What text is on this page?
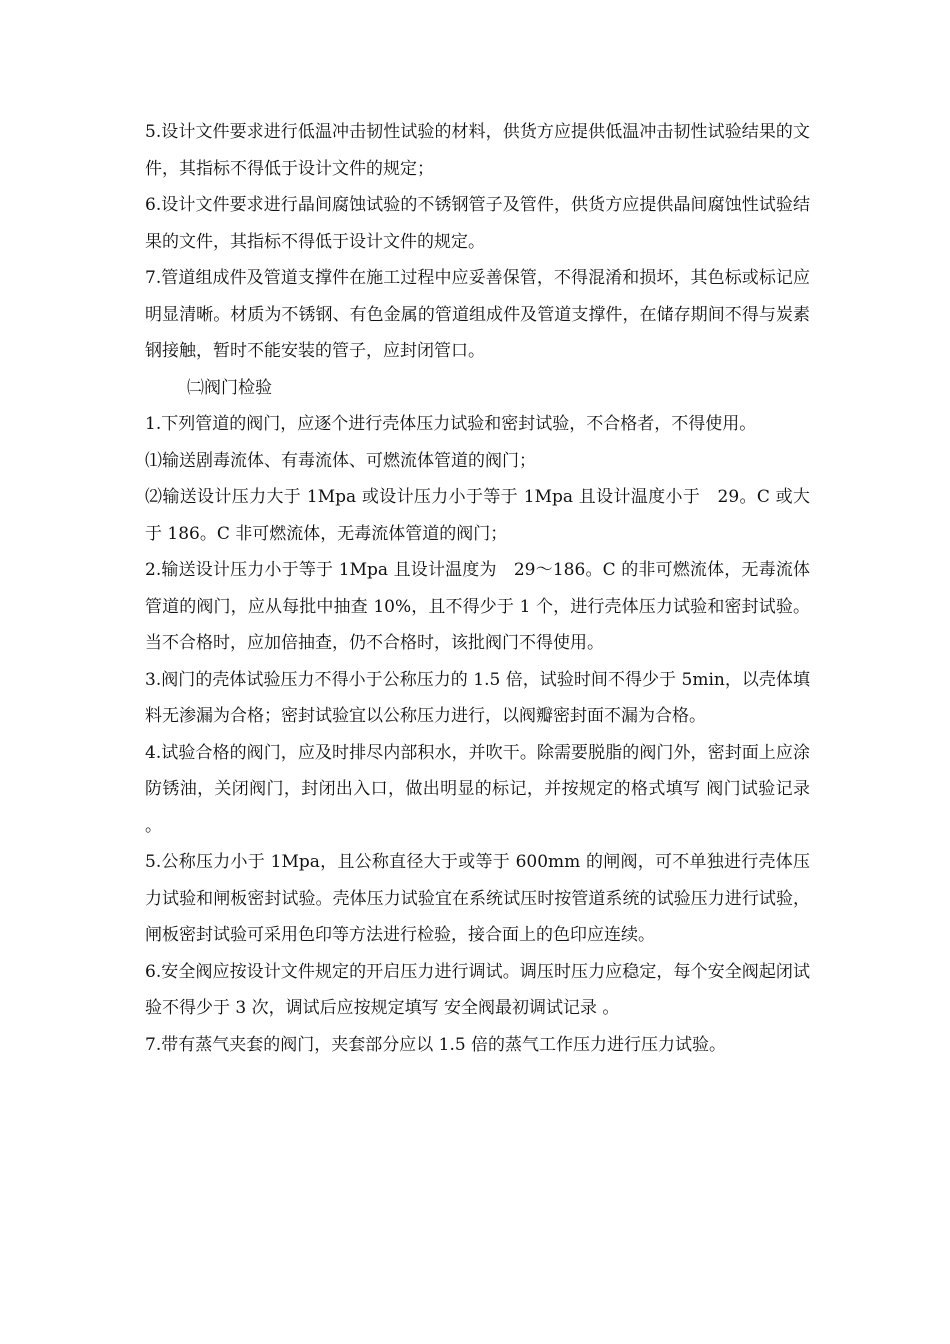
5.设计文件要求进行低温冲击韧性试验的材料，供货方应提供低温冲击韧性试验结果的文件，其指标不得低于设计文件的规定；

6.设计文件要求进行晶间腐蚀试验的不锈钢管子及管件，供货方应提供晶间腐蚀性试验结果的文件，其指标不得低于设计文件的规定。

7.管道组成件及管道支撑件在施工过程中应妥善保管，不得混淆和损坏，其色标或标记应明显清晰。材质为不锈钢、有色金属的管道组成件及管道支撑件，在储存期间不得与炭素钢接触，暂时不能安装的管子，应封闭管口。

㈡阀门检验

1.下列管道的阀门，应逐个进行壳体压力试验和密封试验，不合格者，不得使用。

⑴输送剧毒流体、有毒流体、可燃流体管道的阀门；

⑵输送设计压力大于 1Mpa 或设计压力小于等于 1Mpa 且设计温度小于　29。C 或大于 186。C 非可燃流体，无毒流体管道的阀门；

2.输送设计压力小于等于 1Mpa 且设计温度为　29～186。C 的非可燃流体，无毒流体管道的阀门，应从每批中抽查 10%，且不得少于 1 个，进行壳体压力试验和密封试验。当不合格时，应加倍抽查，仍不合格时，该批阀门不得使用。

3.阀门的壳体试验压力不得小于公称压力的 1.5 倍，试验时间不得少于 5min，以壳体填料无渗漏为合格；密封试验宜以公称压力进行，以阀瓣密封面不漏为合格。

4.试验合格的阀门，应及时排尽内部积水，并吹干。除需要脱脂的阀门外，密封面上应涂防锈油，关闭阀门，封闭出入口，做出明显的标记，并按规定的格式填写 阀门试验记录 。

5.公称压力小于 1Mpa，且公称直径大于或等于 600mm 的闸阀，可不单独进行壳体压力试验和闸板密封试验。壳体压力试验宜在系统试压时按管道系统的试验压力进行试验，闸板密封试验可采用色印等方法进行检验，接合面上的色印应连续。

6.安全阀应按设计文件规定的开启压力进行调试。调压时压力应稳定，每个安全阀起闭试验不得少于 3 次，调试后应按规定填写 安全阀最初调试记录 。

7.带有蒸气夹套的阀门，夹套部分应以 1.5 倍的蒸气工作压力进行压力试验。
